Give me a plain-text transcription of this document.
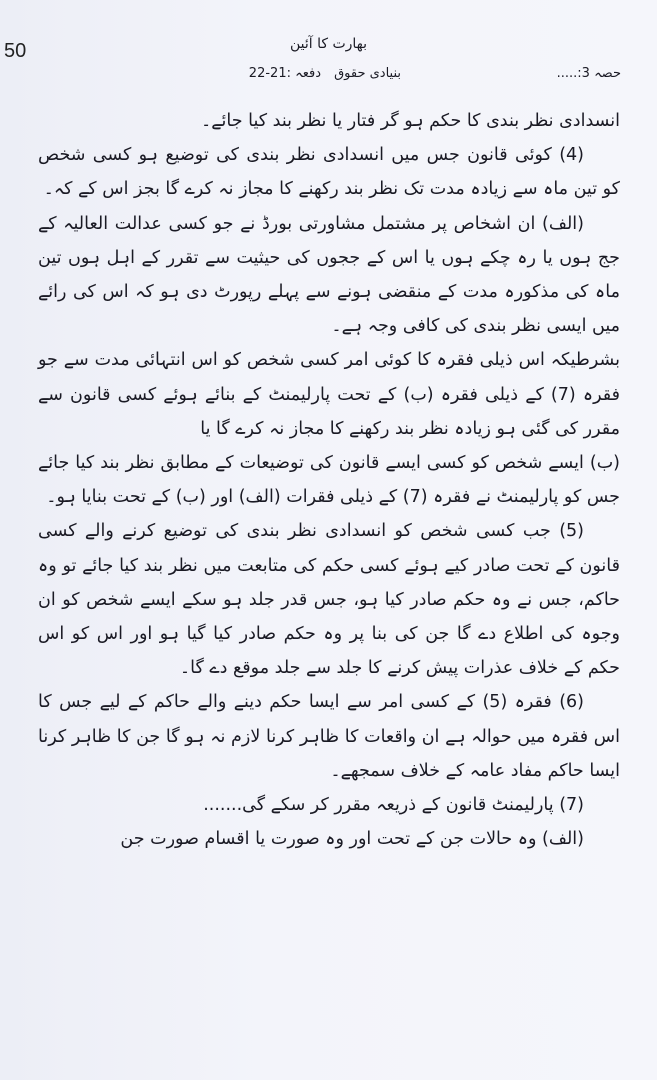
‏
50	بھارت کا آئین
حصہ 3:.....
بنیادی حقوق
دفعہ :21-22

انسدادی نظر بندی کا حکم ہو گر فتار یا نظر بند کیا جائے۔

(4) کوئی قانون جس میں انسدادی نظر بندی کی توضیع ہو کسی شخص کو تین ماہ سے زیادہ مدت تک نظر بند رکھنے کا مجاز نہ کرے گا بجز اس کے کہ۔

(الف) ان اشخاص پر مشتمل مشاورتی بورڈ نے جو کسی عدالت العالیہ کے جج ہوں یا رہ چکے ہوں یا اس کے ججوں کی حیثیت سے تقرر کے اہل ہوں تین ماہ کی مذکورہ مدت کے منقضی ہونے سے پہلے رپورٹ دی ہو کہ اس کی رائے میں ایسی نظر بندی کی کافی وجہ ہے۔

بشرطیکہ اس ذیلی فقرہ کا کوئی امر کسی شخص کو اس انتہائی مدت سے جو فقرہ (7) کے ذیلی فقرہ (ب) کے تحت پارلیمنٹ کے بنائے ہوئے کسی قانون سے مقرر کی گئی ہو زیادہ نظر بند رکھنے کا مجاز نہ کرے گا یا

(ب) ایسے شخص کو کسی ایسے قانون کی توضیعات کے مطابق نظر بند کیا جائے جس کو پارلیمنٹ نے فقرہ (7) کے ذیلی فقرات (الف) اور (ب) کے تحت بنایا ہو۔

(5) جب کسی شخص کو انسدادی نظر بندی کی توضیع کرنے والے کسی قانون کے تحت صادر کیے ہوئے کسی حکم کی متابعت میں نظر بند کیا جائے تو وہ حاکم، جس نے وہ حکم صادر کیا ہو، جس قدر جلد ہو سکے ایسے شخص کو ان وجوہ کی اطلاع دے گا جن کی بنا پر وہ حکم صادر کیا گیا ہو اور اس کو اس حکم کے خلاف عذرات پیش کرنے کا جلد سے جلد موقع دے گا۔

(6) فقرہ (5) کے کسی امر سے ایسا حکم دینے والے حاکم کے لیے جس کا اس فقرہ میں حوالہ ہے ان واقعات کا ظاہر کرنا لازم نہ ہو گا جن کا ظاہر کرنا ایسا حاکم مفاد عامہ کے خلاف سمجھے۔

(7) پارلیمنٹ قانون کے ذریعہ مقرر کر سکے گی.......

(الف) وہ حالات جن کے تحت اور وہ صورت یا اقسام صورت جن
